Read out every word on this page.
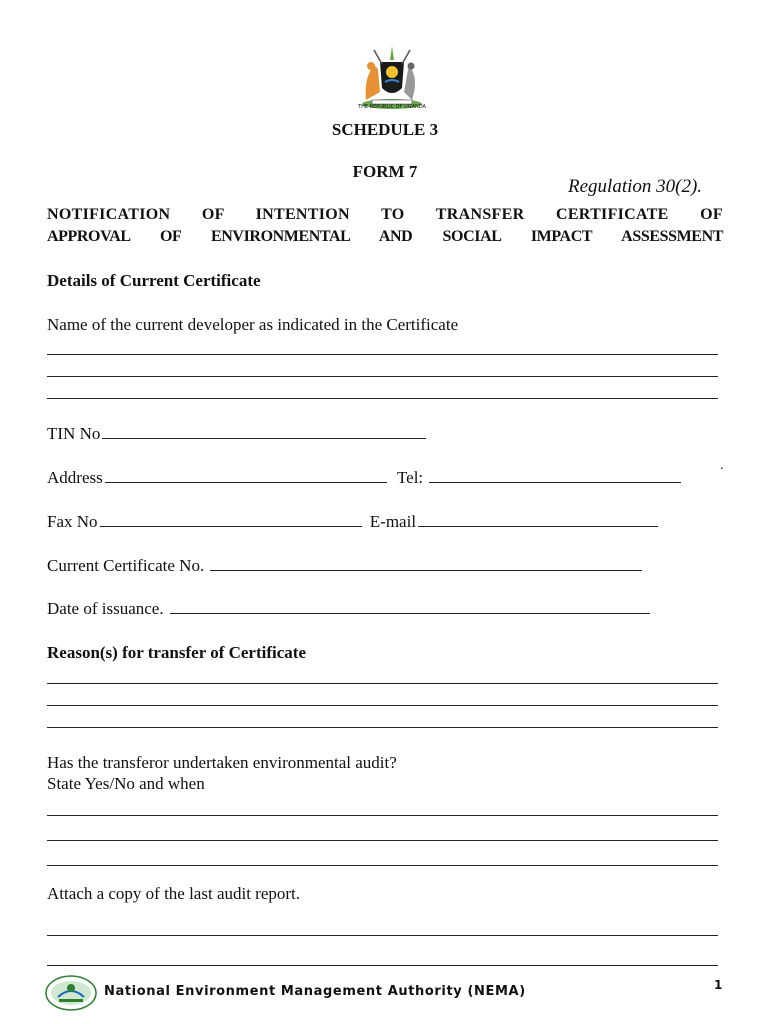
THE REPUBLIC OF UGANDA
SCHEDULE 3
FORM 7
Regulation 30(2).
NOTIFICATION OF INTENTION TO TRANSFER CERTIFICATE OF
APPROVAL OF ENVIRONMENTAL AND SOCIAL IMPACT ASSESSMENT
Details of Current Certificate
Name of the current developer as indicated in the Certificate
TIN No
Address	Tel:
.
Fax No	E-mail
Current Certificate No.
Date of issuance.
Reason(s) for transfer of Certificate
Has the transferor undertaken environmental audit?
State Yes/No and when
Attach a copy of the last audit report.
National Environment Management Authority (NEMA)	1
